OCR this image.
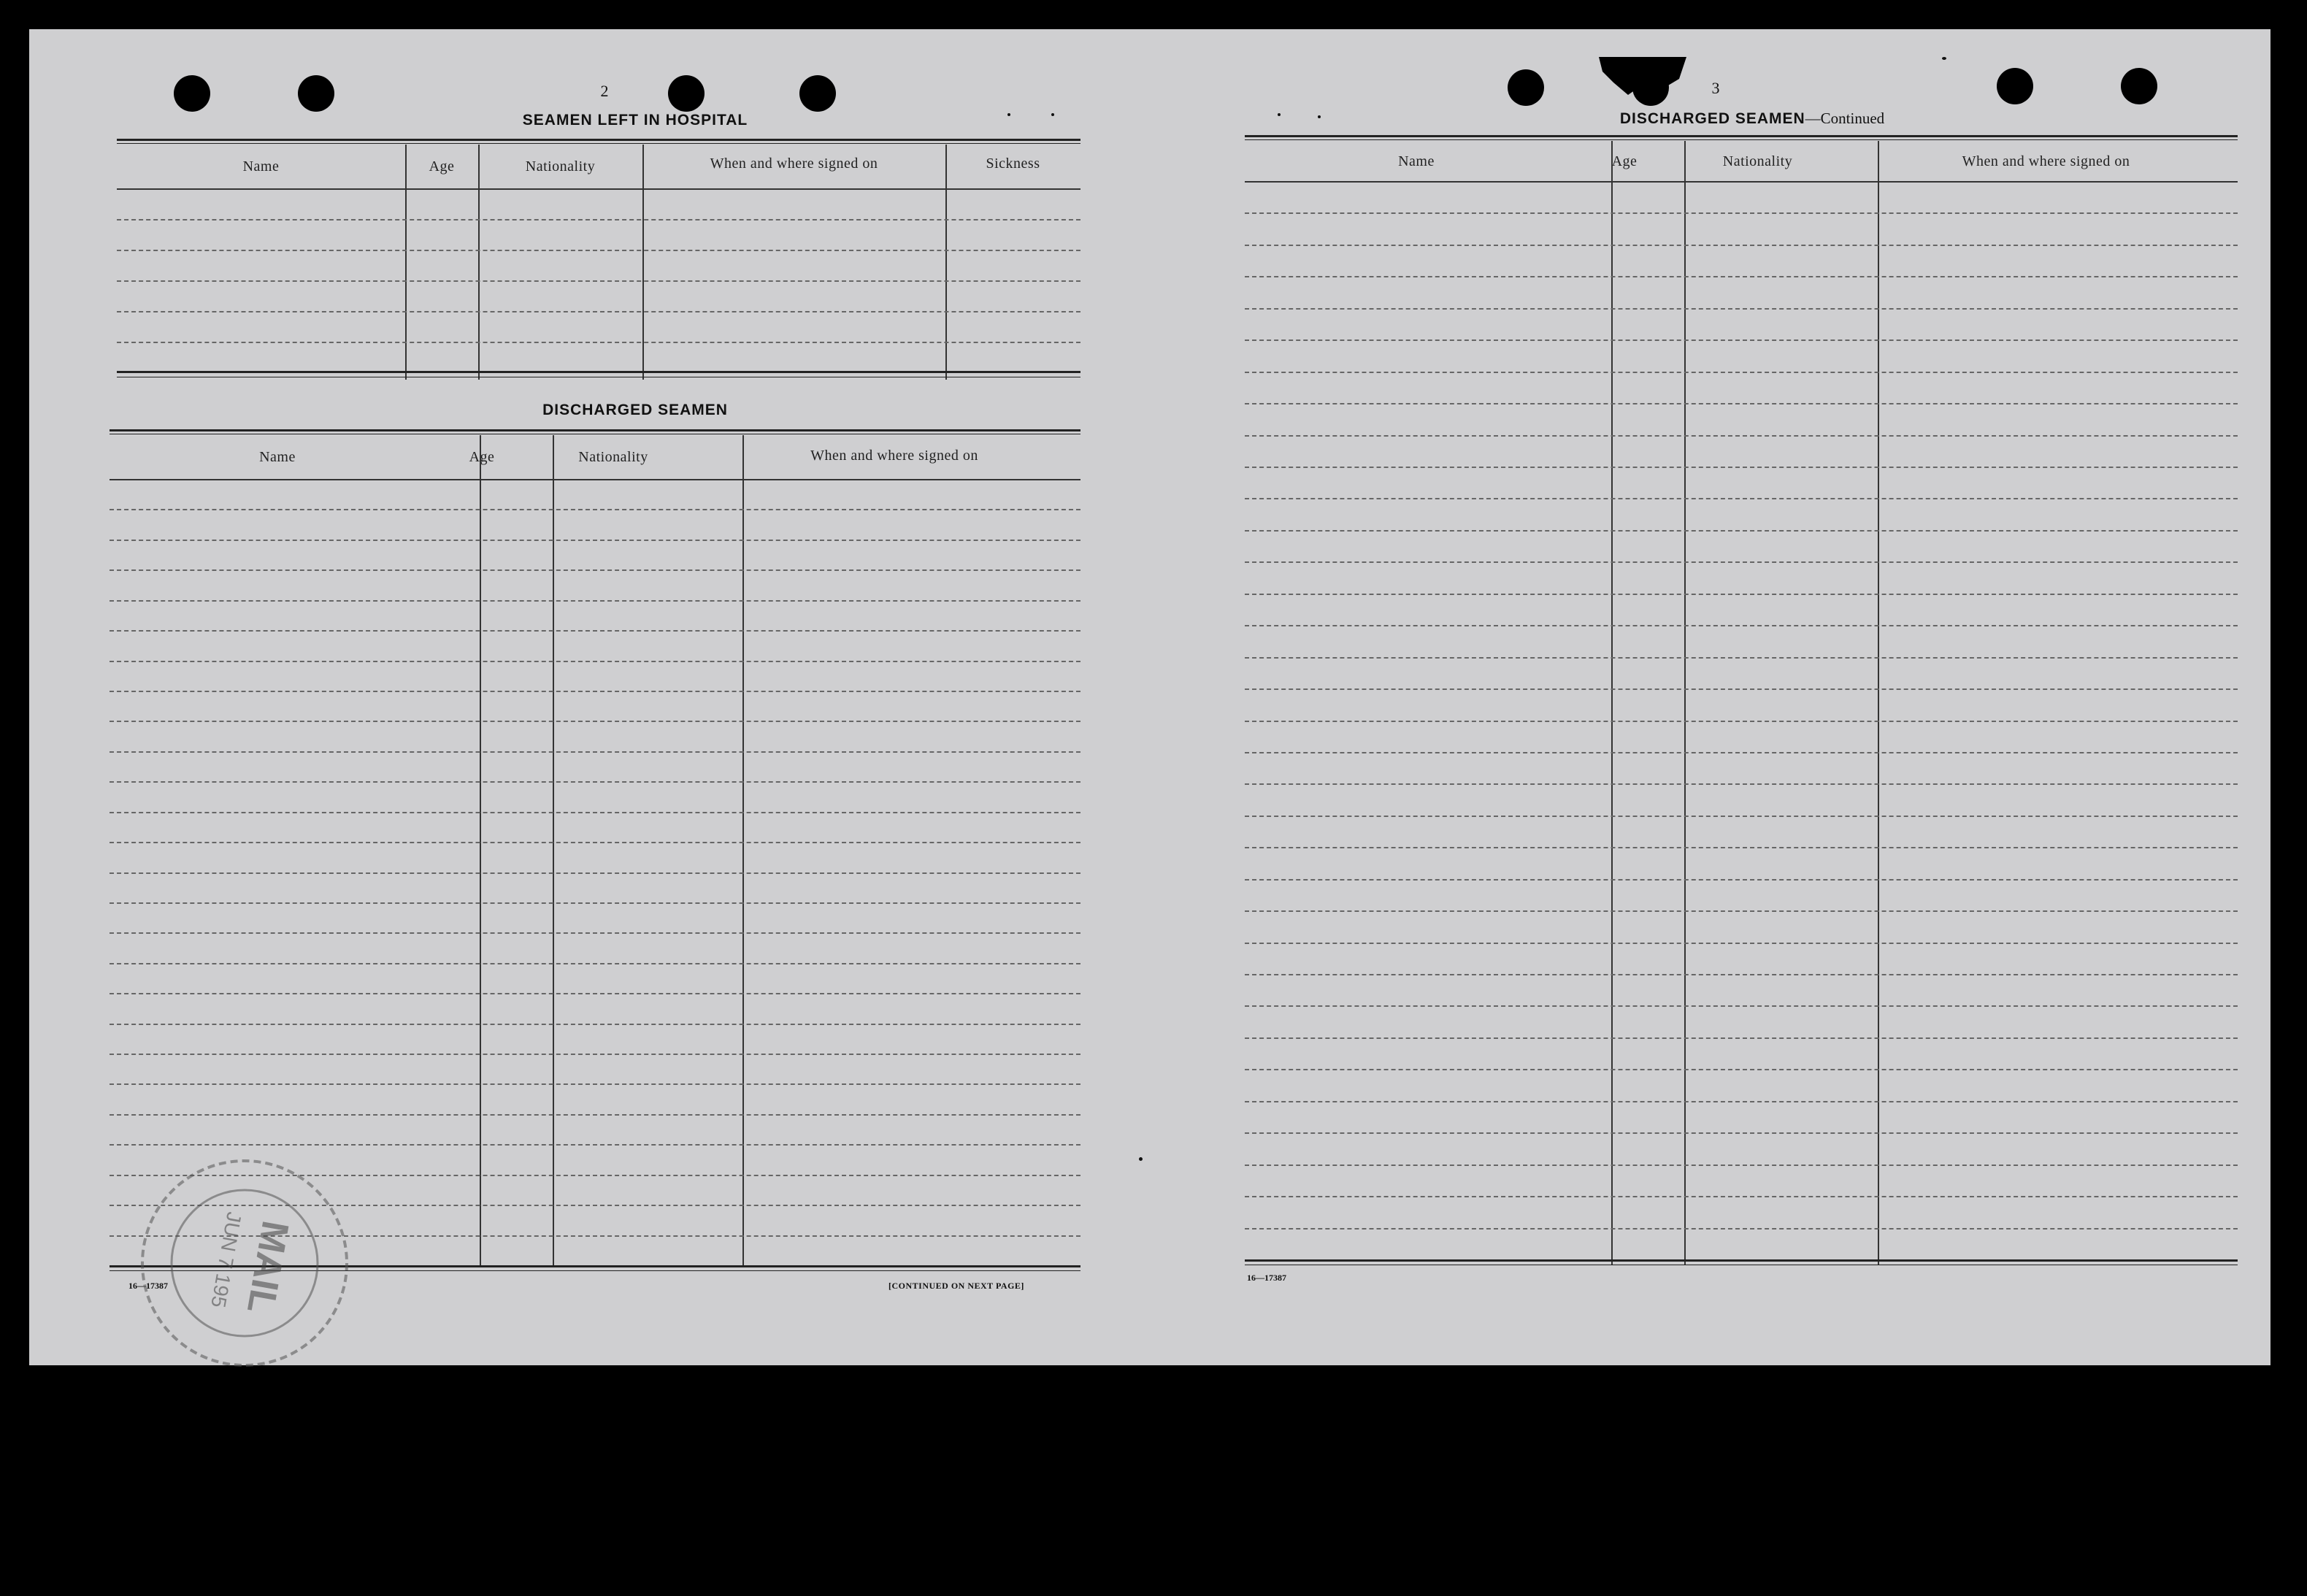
2
SEAMEN LEFT IN HOSPITAL
Name	Age	Nationality	When and where signed on	Sickness
DISCHARGED SEAMEN
Name	Age	Nationality	When and where signed on
16—17387	[CONTINUED ON NEXT PAGE]
MAIL
JUN 7 195
3
DISCHARGED SEAMEN—Continued
Name	Age	Nationality	When and where signed on
16—17387
